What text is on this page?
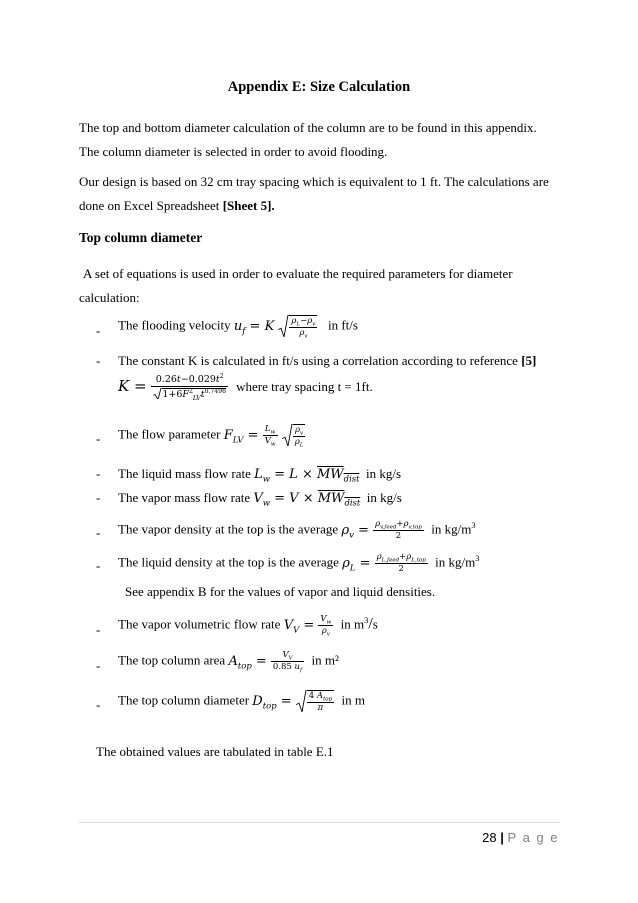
Appendix E: Size Calculation
The top and bottom diameter calculation of the column are to be found in this appendix. The column diameter is selected in order to avoid flooding.
Our design is based on 32 cm tray spacing which is equivalent to 1 ft. The calculations are done on Excel Spreadsheet [Sheet 5].
Top column diameter
A set of equations is used in order to evaluate the required parameters for diameter calculation:
- The flooding velocity $u_f = K \frac{\rho_L-\rho_v}{\rho_v}$ in ft/s
- The constant K is calculated in ft/s using a correlation according to reference [5]
$K = \frac{0.26t-0.029t^2}{1+6F^2_{LV}t^{0.7498}}$ where tray spacing t = 1ft.
- The flow parameter $F_{LV} = \frac{L_w}{V_w}$
$\frac{\rho_v}{\rho_L}$
- The liquid mass flow rate $L_w = L \times MW_{dist}$ in kg/s
- The vapor mass flow rate $V_w = V \times MW_{dist}$ in kg/s
- The vapor density at the top is the average $\rho_v = \frac{\rho_{v,feed}+\rho_{v,top}}{2}$ in $kg/m^3$
- The liquid density at the top is the average $\rho_L = \frac{\rho_{L,feed}+\rho_{L,top}}{2}$ in $kg/m^3$
See appendix B for the values of vapor and liquid densities.
- The vapor volumetric flow rate $V_V = \frac{V_w}{\rho_v}$ in $m^3/s$
- The top column area $A_{top} = \frac{V_V}{0.85 u_f}$ in m²
- The top column diameter $D_{top} = \frac{4 A_{top}}{\pi}$ in m
The obtained values are tabulated in table E.1
28 | P a g e
